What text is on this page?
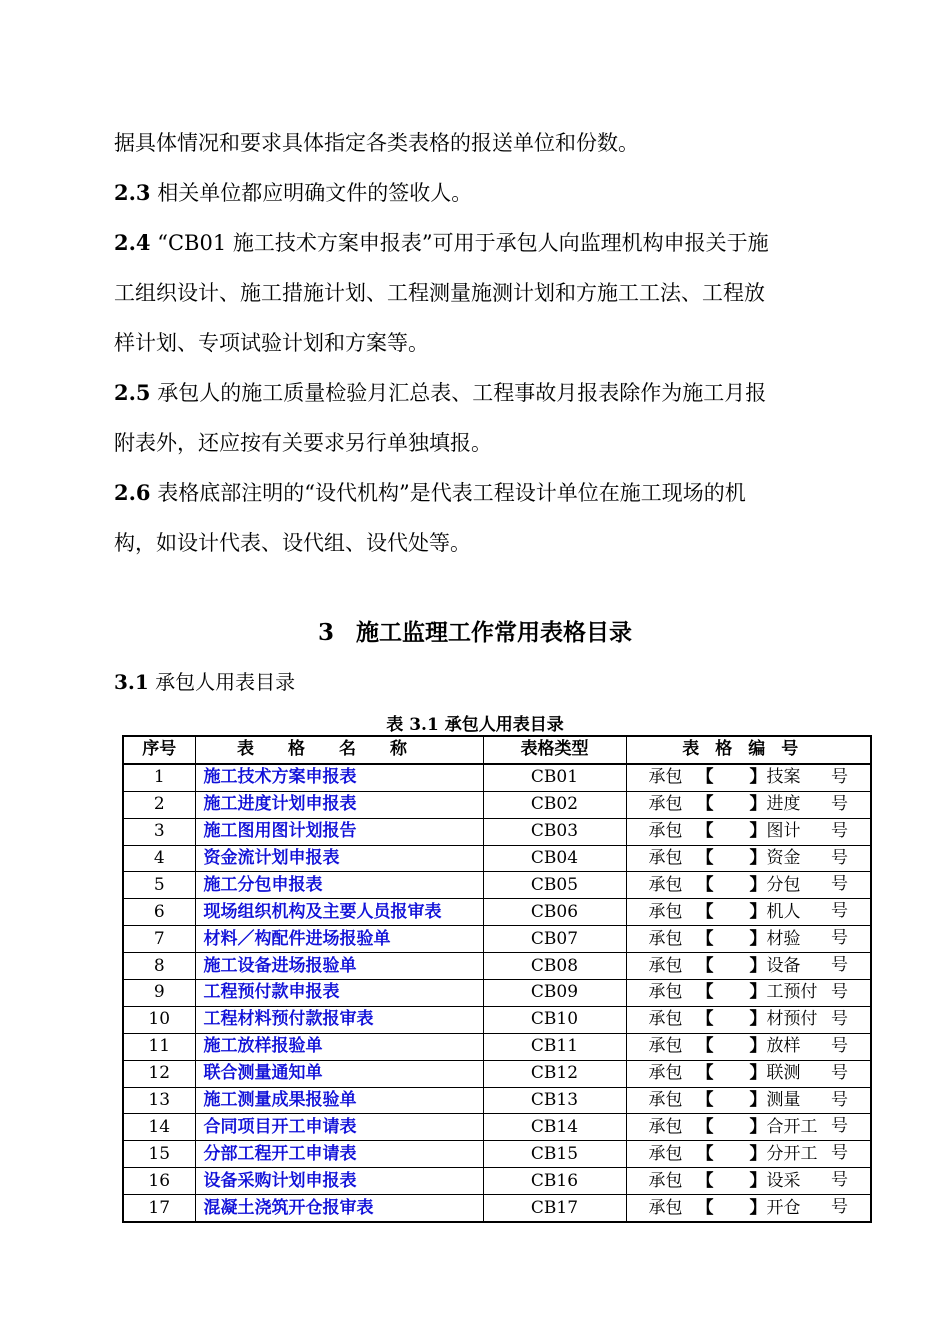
据具体情况和要求具体指定各类表格的报送单位和份数。

2.3 相关单位都应明确文件的签收人。

2.4 “CB01 施工技术方案申报表”可用于承包人向监理机构申报关于施
工组织设计、施工措施计划、工程测量施测计划和方施工工法、工程放
样计划、专项试验计划和方案等。

2.5 承包人的施工质量检验月汇总表、工程事故月报表除作为施工月报
附表外，还应按有关要求另行单独填报。

2.6 表格底部注明的“设代机构”是代表工程设计单位在施工现场的机
构，如设计代表、设代组、设代处等。

3 施工监理工作常用表格目录

3.1 承包人用表目录

表 3.1 承包人用表目录

序号	表格名称	表格类型	表格编号
1	施工技术方案申报表	CB01	承包 【 】技案 号

2	施工进度计划申报表	CB02	承包 【 】进度 号

3	施工图用图计划报告	CB03	承包 【 】图计 号

4	资金流计划申报表	CB04	承包 【 】资金 号

5	施工分包申报表	CB05	承包 【 】分包 号

6	现场组织机构及主要人员报审表	CB06	承包 【 】机人 号

7	材料／构配件进场报验单	CB07	承包 【 】材验 号

8	施工设备进场报验单	CB08	承包 【 】设备 号

9	工程预付款申报表	CB09	承包 【 】工预付 号

10	工程材料预付款报审表	CB10	承包 【 】材预付 号

11	施工放样报验单	CB11	承包 【 】放样 号

12	联合测量通知单	CB12	承包 【 】联测 号

13	施工测量成果报验单	CB13	承包 【 】测量 号

14	合同项目开工申请表	CB14	承包 【 】合开工 号

15	分部工程开工申请表	CB15	承包 【 】分开工 号

16	设备采购计划申报表	CB16	承包 【 】设采 号

17	混凝土浇筑开仓报审表	CB17	承包 【 】开仓 号
